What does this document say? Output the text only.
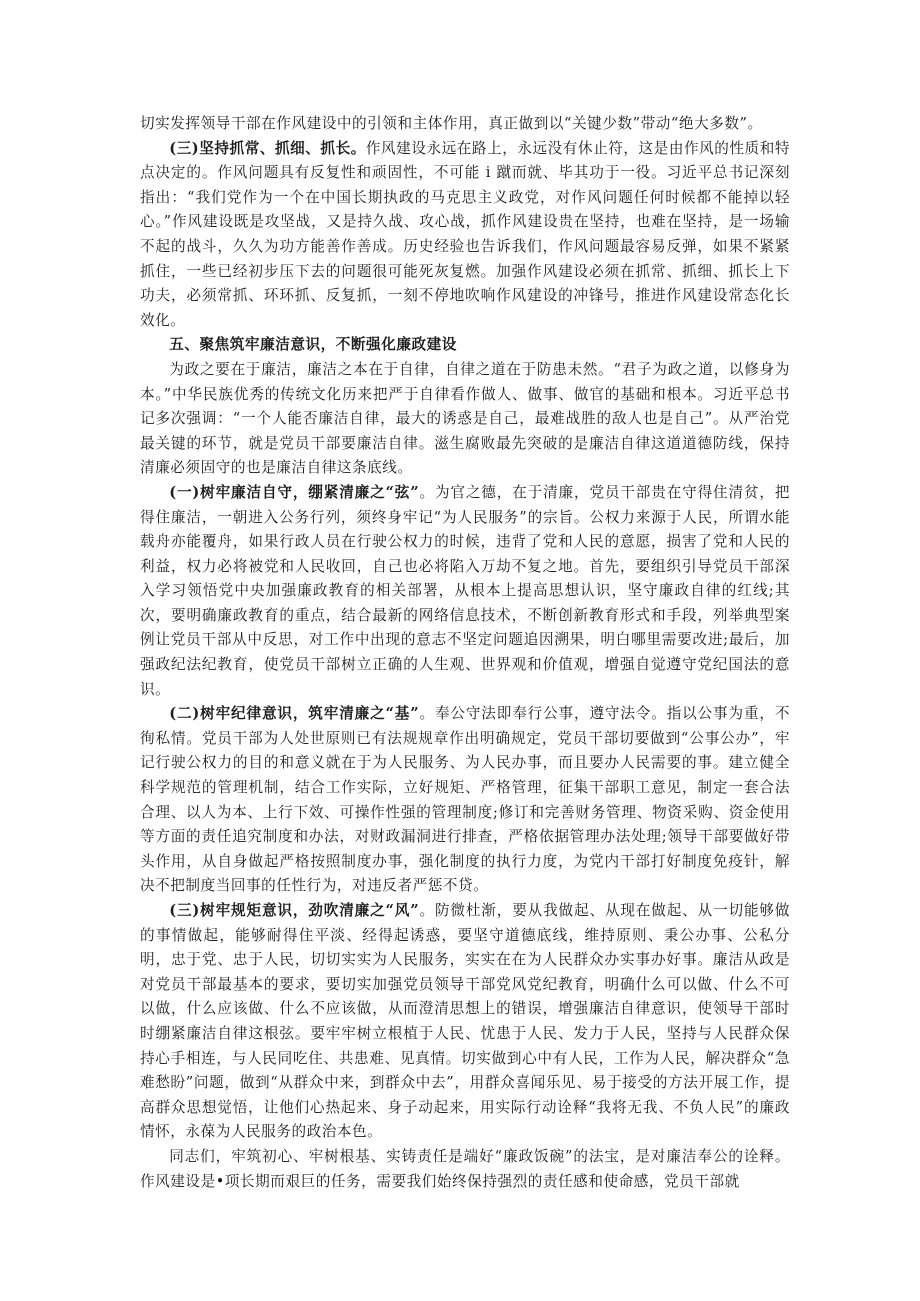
切实发挥领导干部在作风建设中的引领和主体作用，真正做到以“关键少数”带动“绝大多数”。

(三)坚持抓常、抓细、抓长。作风建设永远在路上，永远没有休止符，这是由作风的性质和特点决定的。作风问题具有反复性和顽固性，不可能 i 蹴而就、毕其功于一役。习近平总书记深刻指出：“我们党作为一个在中国长期执政的马克思主义政党，对作风问题任何时候都不能掉以轻心。”作风建设既是攻坚战，又是持久战、攻心战，抓作风建设贵在坚持，也难在坚持，是一场输不起的战斗，久久为功方能善作善成。历史经验也告诉我们，作风问题最容易反弹，如果不紧紧抓住，一些已经初步压下去的问题很可能死灰复燃。加强作风建设必须在抓常、抓细、抓长上下功夫，必须常抓、环环抓、反复抓，一刻不停地吹响作风建设的冲锋号，推进作风建设常态化长效化。

五、聚焦筑牢廉洁意识，不断强化廉政建设

为政之要在于廉洁，廉洁之本在于自律，自律之道在于防患未然。“君子为政之道，以修身为本。”中华民族优秀的传统文化历来把严于自律看作做人、做事、做官的基础和根本。习近平总书记多次强调：“一个人能否廉洁自律，最大的诱惑是自己，最难战胜的敌人也是自己”。从严治党最关键的环节，就是党员干部要廉洁自律。滋生腐败最先突破的是廉洁自律这道道德防线，保持清廉必须固守的也是廉洁自律这条底线。

(一)树牢廉洁自守，绷紧清廉之“弦”。为官之德，在于清廉，党员干部贵在守得住清贫，把得住廉洁，一朝进入公务行列，须终身牢记“为人民服务”的宗旨。公权力来源于人民，所谓水能载舟亦能覆舟，如果行政人员在行驶公权力的时候，违背了党和人民的意愿，损害了党和人民的利益，权力必将被党和人民收回，自己也必将陷入万劫不复之地。首先，要组织引导党员干部深入学习领悟党中央加强廉政教育的相关部署，从根本上提高思想认识，坚守廉政自律的红线;其次，要明确廉政教育的重点，结合最新的网络信息技术，不断创新教育形式和手段，列举典型案例让党员干部从中反思，对工作中出现的意志不坚定问题追因溯果，明白哪里需要改进;最后，加强政纪法纪教育，使党员干部树立正确的人生观、世界观和价值观，增强自觉遵守党纪国法的意识。

(二)树牢纪律意识，筑牢清廉之“基”。奉公守法即奉行公事，遵守法令。指以公事为重，不徇私情。党员干部为人处世原则已有法规规章作出明确规定，党员干部切要做到“公事公办”，牢记行驶公权力的目的和意义就在于为人民服务、为人民办事，而且要办人民需要的事。建立健全科学规范的管理机制，结合工作实际，立好规矩、严格管理，征集干部职工意见，制定一套合法合理、以人为本、上行下效、可操作性强的管理制度;修订和完善财务管理、物资采购、资金使用等方面的责任追究制度和办法，对财政漏洞进行排查，严格依据管理办法处理;领导干部要做好带头作用，从自身做起严格按照制度办事，强化制度的执行力度，为党内干部打好制度免疫针，解决不把制度当回事的任性行为，对违反者严惩不贷。

(三)树牢规矩意识，劲吹清廉之“风”。防微杜渐，要从我做起、从现在做起、从一切能够做的事情做起，能够耐得住平淡、经得起诱惑，要坚守道德底线，维持原则、秉公办事、公私分明，忠于党、忠于人民，切切实实为人民服务，实实在在为人民群众办实事办好事。廉洁从政是对党员干部最基本的要求，要切实加强党员领导干部党风党纪教育，明确什么可以做、什么不可以做，什么应该做、什么不应该做，从而澄清思想上的错误，增强廉洁自律意识，使领导干部时时绷紧廉洁自律这根弦。要牢牢树立根植于人民、忧患于人民、发力于人民，坚持与人民群众保持心手相连，与人民同吃住、共患难、见真情。切实做到心中有人民，工作为人民，解决群众“急难愁盼”问题，做到“从群众中来，到群众中去”，用群众喜闻乐见、易于接受的方法开展工作，提高群众思想觉悟，让他们心热起来、身子动起来，用实际行动诠释“我将无我、不负人民”的廉政情怀，永葆为人民服务的政治本色。

同志们，牢筑初心、牢树根基、实铸责任是端好“廉政饭碗”的法宝，是对廉洁奉公的诠释。作风建设是•项长期而艰巨的任务，需要我们始终保持强烈的责任感和使命感，党员干部就
